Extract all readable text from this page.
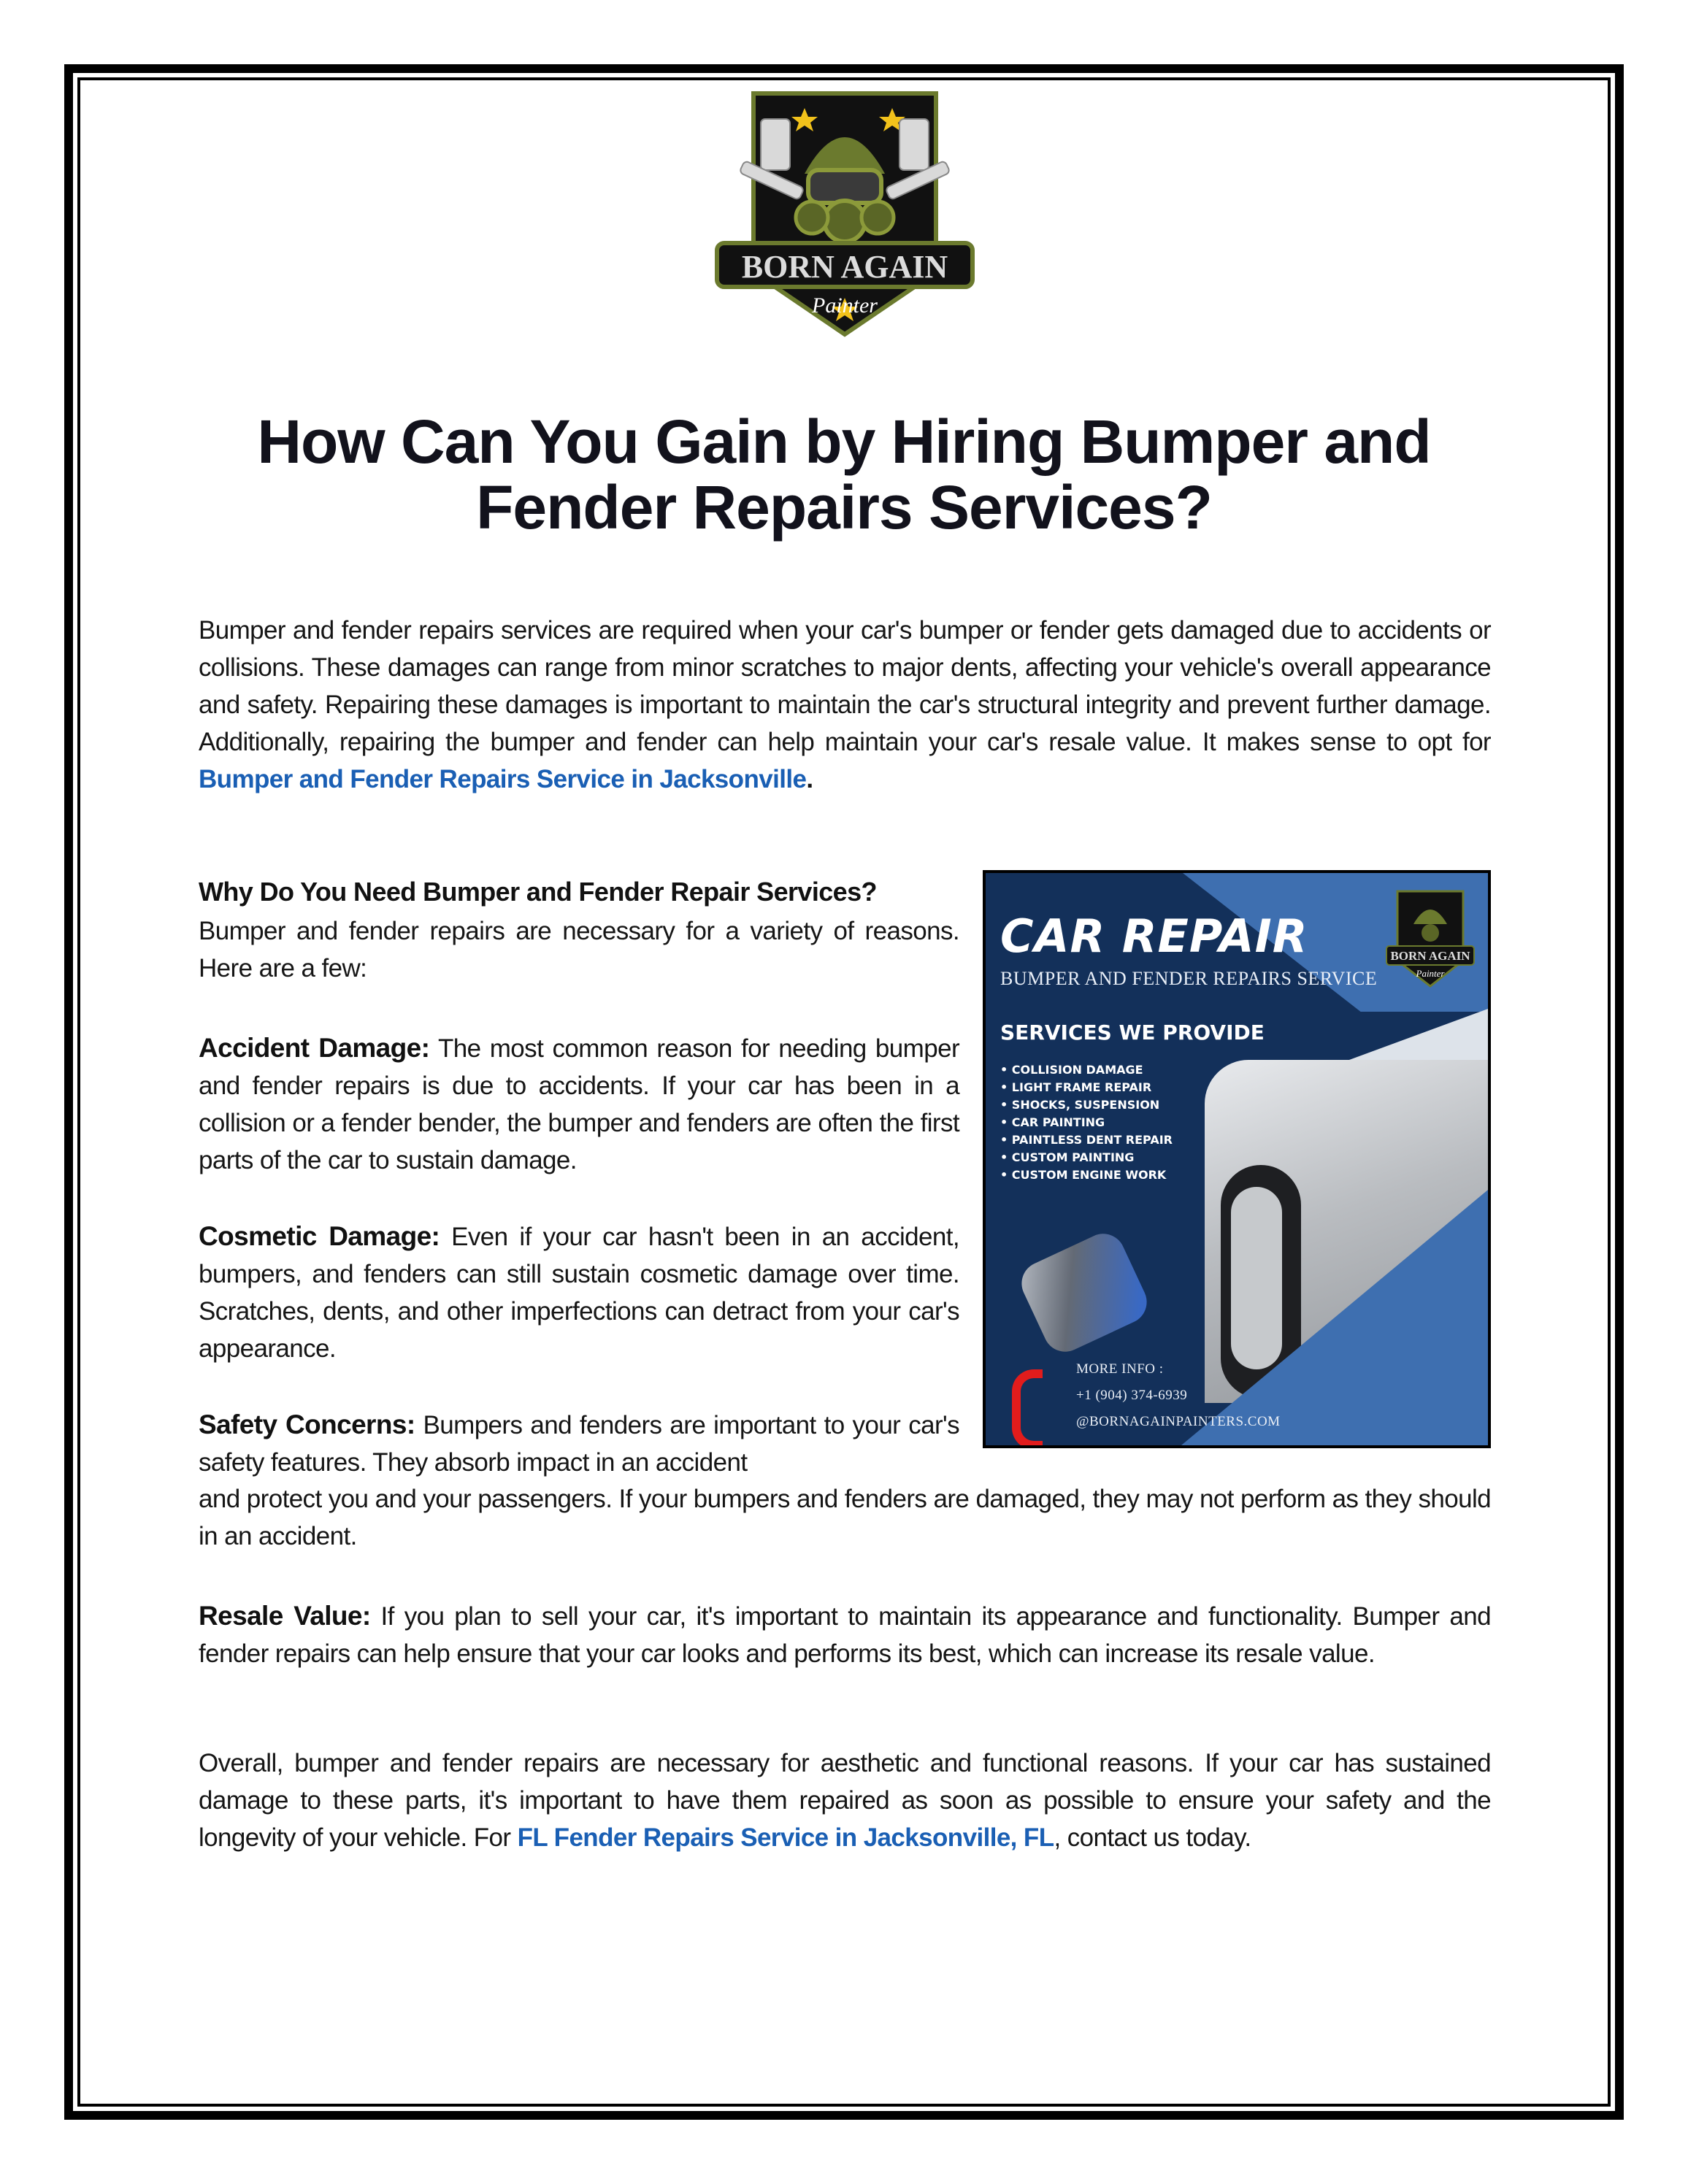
BORN AGAIN
Painter
How Can You Gain by Hiring Bumper and
Fender Repairs Services?

Bumper and fender repairs services are required when your car's bumper or fender gets damaged due to accidents or collisions. These damages can range from minor scratches to major dents, affecting your vehicle's overall appearance and safety. Repairing these damages is important to maintain the car's structural integrity and prevent further damage. Additionally, repairing the bumper and fender can help maintain your car's resale value. It makes sense to opt for Bumper and Fender Repairs Service in Jacksonville.

Why Do You Need Bumper and Fender Repair Services?

Bumper and fender repairs are necessary for a variety of reasons. Here are a few:

Accident Damage: The most common reason for needing bumper and fender repairs is due to accidents. If your car has been in a collision or a fender bender, the bumper and fenders are often the first parts of the car to sustain damage.

Cosmetic Damage: Even if your car hasn't been in an accident, bumpers, and fenders can still sustain cosmetic damage over time. Scratches, dents, and other imperfections can detract from your car's appearance.

Safety Concerns: Bumpers and fenders are important to your car's safety features. They absorb impact in an accident

and protect you and your passengers. If your bumpers and fenders are damaged, they may not perform as they should in an accident.

Resale Value: If you plan to sell your car, it's important to maintain its appearance and functionality. Bumper and fender repairs can help ensure that your car looks and performs its best, which can increase its resale value.

Overall, bumper and fender repairs are necessary for aesthetic and functional reasons. If your car has sustained damage to these parts, it's important to have them repaired as soon as possible to ensure your safety and the longevity of your vehicle. For FL Fender Repairs Service in Jacksonville, FL, contact us today.

CAR REPAIR
BUMPER AND FENDER REPAIRS SERVICE
SERVICES WE PROVIDE
• COLLISION DAMAGE
• LIGHT FRAME REPAIR
• SHOCKS, SUSPENSION
• CAR PAINTING
• PAINTLESS DENT REPAIR
• CUSTOM PAINTING
• CUSTOM ENGINE WORK
MORE INFO :
+1 (904) 374-6939
@BORNAGAINPAINTERS.COM
BORN AGAIN
Painter
